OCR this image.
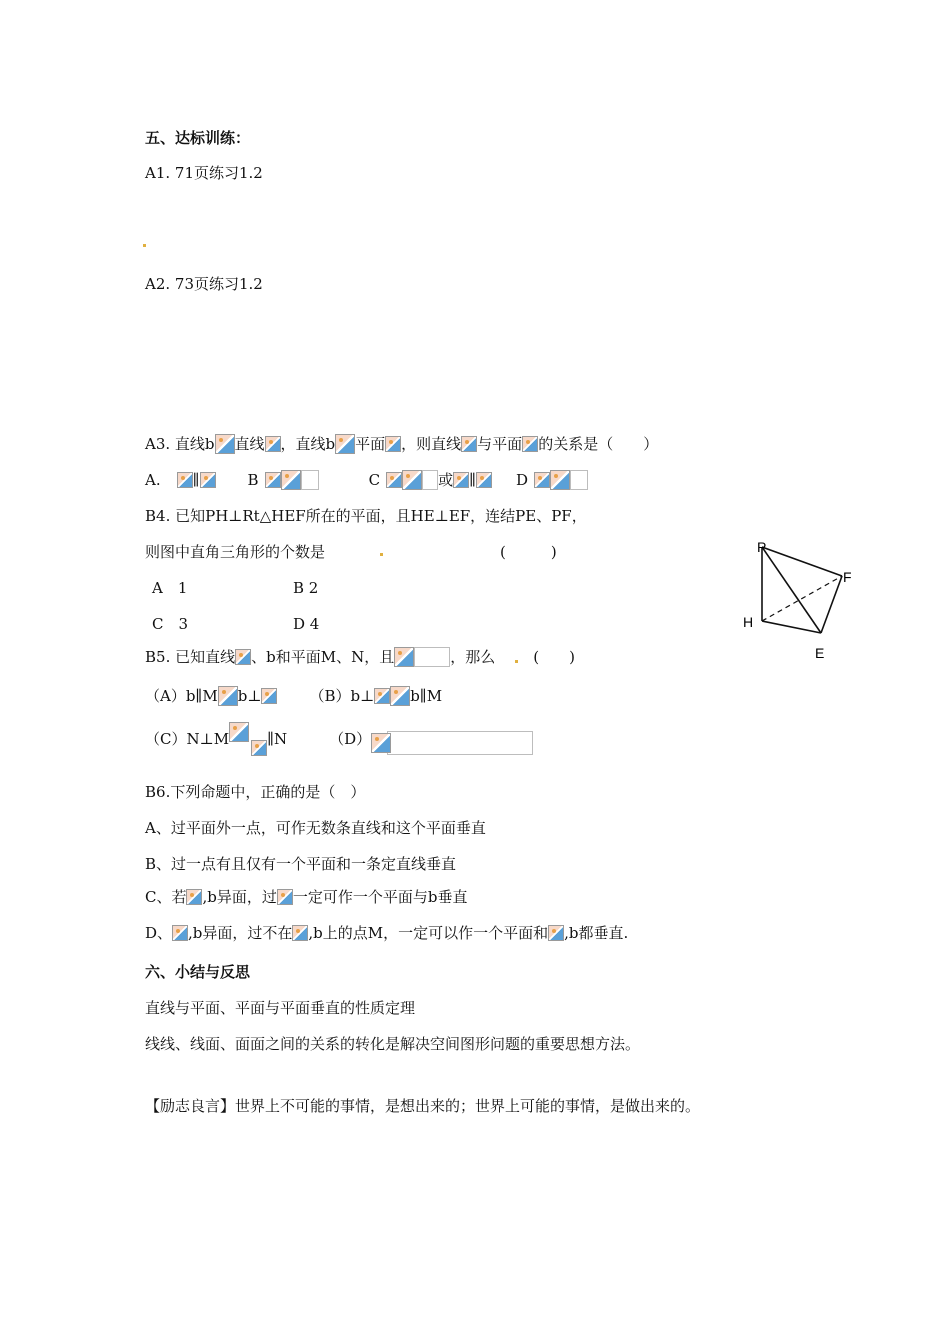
五、达标训练：
A1. 71页练习1.2
A2. 73页练习1.2
A3. 直线b 直线 ，直线b 平面 ，则直线 与平面 的关系是（　　）
A. ∥	B	C	或 ∥	D
B4. 已知PH⊥Rt△HEF所在的平面，且HE⊥EF，连结PE、PF，
则图中直角三角形的个数是	(　　　)
A　1	B 2
C　3	D 4
P
F
H
E
B5. 已知直线 、b和平面M、N，且	，那么	(　　)
（A）b∥M b⊥	（B）b⊥ b∥M
（C）N⊥M	∥N	（D）
B6.下列命题中，正确的是（　）
A、过平面外一点，可作无数条直线和这个平面垂直
B、过一点有且仅有一个平面和一条定直线垂直
C、若 ,b异面，过 一定可作一个平面与b垂直
D、 ,b异面，过不在 ,b上的点M，一定可以作一个平面和 ,b都垂直.
六、小结与反思
直线与平面、平面与平面垂直的性质定理
线线、线面、面面之间的关系的转化是解决空间图形问题的重要思想方法。
【励志良言】世界上不可能的事情，是想出来的；世界上可能的事情，是做出来的。
